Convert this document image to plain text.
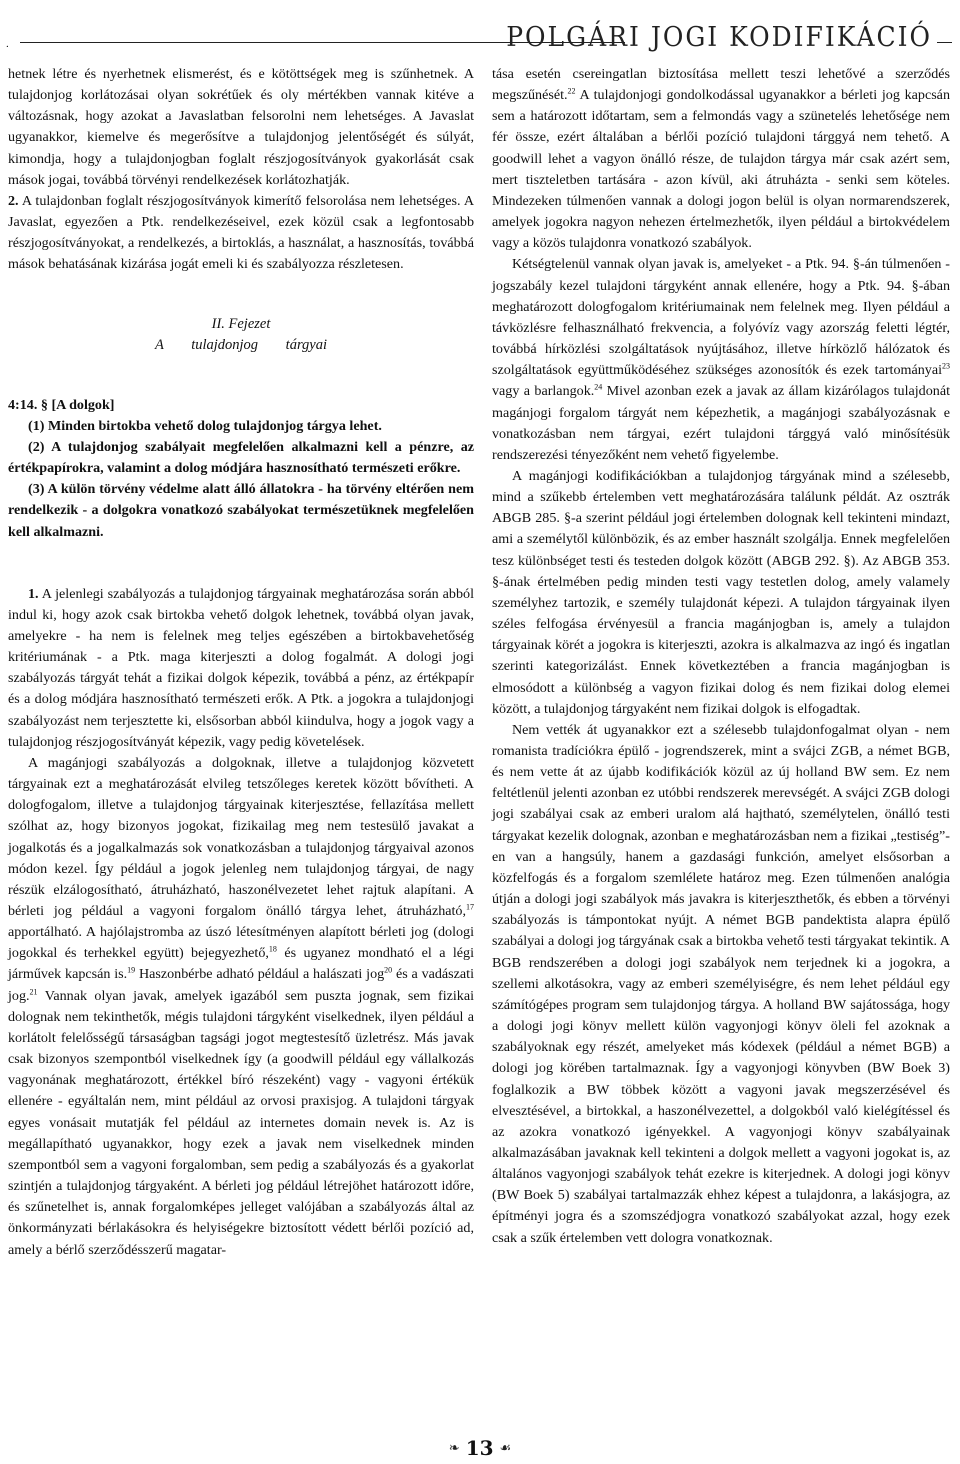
.	POLGÁRI JOGI KODIFIKÁCIÓ

hetnek létre és nyerhetnek elismerést, és e kötöttségek meg is szűnhetnek. A tulajdonjog korlátozásai olyan sokrétűek és oly mértékben vannak kitéve a változásnak, hogy azokat a Javaslatban felsorolni nem lehetséges. A Javaslat ugyanakkor, kiemelve és megerősítve a tulajdonjog jelentőségét és súlyát, kimondja, hogy a tulajdonjogban foglalt részjogosítványok gyakorlását csak mások jogai, továbbá törvényi rendelkezések korlátozhatják.

2. A tulajdonban foglalt részjogosítványok kimerítő felsorolása nem lehetséges. A Javaslat, egyezően a Ptk. rendelkezéseivel, ezek közül csak a legfontosabb részjogosítványokat, a rendelkezés, a birtoklás, a használat, a hasznosítás, továbbá mások behatásának kizárása jogát emeli ki és szabályozza részletesen.

II. Fejezet
A tulajdonjog tárgyai

4:14. § [A dolgok]

(1) Minden birtokba vehető dolog tulajdonjog tárgya lehet.

(2) A tulajdonjog szabályait megfelelően alkalmazni kell a pénzre, az értékpapírokra, valamint a dolog módjára hasznosítható természeti erőkre.

(3) A külön törvény védelme alatt álló állatokra - ha törvény eltérően nem rendelkezik - a dolgokra vonatkozó szabályokat természetüknek megfelelően kell alkalmazni.

1. A jelenlegi szabályozás a tulajdonjog tárgyainak meghatározása során abból indul ki, hogy azok csak birtokba vehető dolgok lehetnek, továbbá olyan javak, amelyekre - ha nem is felelnek meg teljes egészében a birtokbavehetőség kritériumának - a Ptk. maga kiterjeszti a dolog fogalmát. A dologi jogi szabályozás tárgyát tehát a fizikai dolgok képezik, továbbá a pénz, az értékpapír és a dolog módjára hasznosítható természeti erők. A Ptk. a jogokra a tulajdonjogi szabályozást nem terjesztette ki, elsősorban abból kiindulva, hogy a jogok vagy a tulajdonjog részjogosítványát képezik, vagy pedig követelések.

A magánjogi szabályozás a dolgoknak, illetve a tulajdonjog közvetett tárgyainak ezt a meghatározását elvileg tetszőleges keretek között bővítheti. A dologfogalom, illetve a tulajdonjog tárgyainak kiterjesztése, fellazítása mellett szólhat az, hogy bizonyos jogokat, fizikailag meg nem testesülő javakat a jogalkotás és a jogalkalmazás sok vonatkozásban a tulajdonjog tárgyaival azonos módon kezel. Így például a jogok jelenleg nem tulajdonjog tárgyai, de nagy részük elzálogosítható, átruházható, haszonélvezetet lehet rajtuk alapítani. A bérleti jog például a vagyoni forgalom önálló tárgya lehet, átruházható,$^{17}$ apportálható. A hajólajstromba az úszó létesítményen alapított bérleti jog (dologi jogokkal és terhekkel együtt) bejegyezhető,$^{18}$ és ugyanez mondható el a légi járművek kapcsán is.$^{19}$ Haszonbérbe adható például a halászati jog$^{20}$ és a vadászati jog.$^{21}$ Vannak olyan javak, amelyek igazából sem puszta jognak, sem fizikai dolognak nem tekinthetők, mégis tulajdoni tárgyként viselkednek, ilyen például a korlátolt felelősségű társaságban tagsági jogot megtestesítő üzletrész. Más javak csak bizonyos szempontból viselkednek így (a goodwill például egy vállalkozás vagyonának meghatározott, értékkel bíró részeként) vagy - vagyoni értékük ellenére - egyáltalán nem, mint például az orvosi praxisjog. A tulajdoni tárgyak egyes vonásait mutatják fel például az internetes domain nevek is. Az is megállapítható ugyanakkor, hogy ezek a javak nem viselkednek minden szempontból sem a vagyoni forgalomban, sem pedig a szabályozás és a gyakorlat szintjén a tulajdonjog tárgyaként. A bérleti jog például létrejöhet határozott időre, és szűnetelhet is, annak forgalomképes jelleget valójában a szabályozás által az önkormányzati bérlakásokra és helyiségekre biztosított védett bérlői pozíció ad, amely a bérlő szerződésszerű magatar-

tása esetén csereingatlan biztosítása mellett teszi lehetővé a szerződés megszűnését.$^{22}$ A tulajdonjogi gondolkodással ugyanakkor a bérleti jog kapcsán sem a határozott időtartam, sem a felmondás vagy a szünetelés lehetősége nem fér össze, ezért általában a bérlői pozíció tulajdoni tárggyá nem tehető. A goodwill lehet a vagyon önálló része, de tulajdon tárgya már csak azért sem, mert tiszteletben tartására - azon kívül, aki átruházta - senki sem köteles. Mindezeken túlmenően vannak a dologi jogon belül is olyan normarendszerek, amelyek jogokra nagyon nehezen értelmezhetők, ilyen például a birtokvédelem vagy a közös tulajdonra vonatkozó szabályok.

Kétségtelenül vannak olyan javak is, amelyeket - a Ptk. 94. §-án túlmenően - jogszabály kezel tulajdoni tárgyként annak ellenére, hogy a Ptk. 94. §-ában meghatározott dologfogalom kritériumainak nem felelnek meg. Ilyen például a távközlésre felhasználható frekvencia, a folyóvíz vagy azország feletti légtér, továbbá hírközlési szolgáltatások nyújtásához, illetve hírközlő hálózatok és szolgáltatások együttműködéséhez szükséges azonosítók és ezek tartományai$^{23}$ vagy a barlangok.$^{24}$ Mivel azonban ezek a javak az állam kizárólagos tulajdonát magánjogi forgalom tárgyát nem képezhetik, a magánjogi szabályozásnak e vonatkozásban nem tárgyai, ezért tulajdoni tárggyá való minősítésük rendszerezési tényezőként nem vehető figyelembe.

A magánjogi kodifikációkban a tulajdonjog tárgyának mind a szélesebb, mind a szűkebb értelemben vett meghatározására találunk példát. Az osztrák ABGB 285. §-a szerint például jogi értelemben dolognak kell tekinteni mindazt, ami a személytől különbözik, és az ember használt szolgálja. Ennek megfelelően tesz különbséget testi és testeden dolgok között (ABGB 292. §). Az ABGB 353. §-ának értelmében pedig minden testi vagy testetlen dolog, amely valamely személyhez tartozik, e személy tulajdonát képezi. A tulajdon tárgyainak ilyen széles felfogása érvényesül a francia magánjogban is, amely a tulajdon tárgyainak körét a jogokra is kiterjeszti, azokra is alkalmazva az ingó és ingatlan szerinti kategorizálást. Ennek következtében a francia magánjogban is elmosódott a különbség a vagyon fizikai dolog és nem fizikai dolog elemei között, a tulajdonjog tárgyaként nem fizikai dolgok is elfogadtak.

Nem vették át ugyanakkor ezt a szélesebb tulajdonfogalmat olyan - nem romanista tradíciókra épülő - jogrendszerek, mint a svájci ZGB, a német BGB, és nem vette át az újabb kodifikációk közül az új holland BW sem. Ez nem feltétlenül jelenti azonban ez utóbbi rendszerek merevségét. A svájci ZGB dologi jogi szabályai csak az emberi uralom alá hajtható, személytelen, önálló testi tárgyakat kezelik dolognak, azonban e meghatározásban nem a fizikai „testiség”-en van a hangsúly, hanem a gazdasági funkción, amelyet elsősorban a közfelfogás és a forgalom szemlélete határoz meg. Ezen túlmenően analógia útján a dologi jogi szabályok más javakra is kiterjeszthetők, és ebben a törvényi szabályozás is támpontokat nyújt. A német BGB pandektista alapra épülő szabályai a dologi jog tárgyának csak a birtokba vehető testi tárgyakat tekintik. A BGB rendszerében a dologi jogi szabályok nem terjednek ki a jogokra, a szellemi alkotásokra, vagy az emberi személyiségre, és nem lehet például egy számítógépes program sem tulajdonjog tárgya. A holland BW sajátossága, hogy a dologi jogi könyv mellett külön vagyonjogi könyv öleli fel azoknak a szabályoknak egy részét, amelyeket más kódexek (például a német BGB) a dologi jog körében tartalmaznak. Így a vagyonjogi könyvben (BW Boek 3) foglalkozik a BW többek között a vagyoni javak megszerzésével és elvesztésével, a birtokkal, a haszonélvezettel, a dolgokból való kielégítéssel és az azokra vonatkozó igényekkel. A vagyonjogi könyv szabályainak alkalmazásában javaknak kell tekinteni a dolgok mellett a vagyoni jogokat is, az általános vagyonjogi szabályok tehát ezekre is kiterjednek. A dologi jogi könyv (BW Boek 5) szabályai tartalmazzák ehhez képest a tulajdonra, a lakásjogra, az építményi jogra és a szomszédjogra vonatkozó szabályokat azzal, hogy ezek csak a szűk értelemben vett dologra vonatkoznak.

❧ 13 ☙
